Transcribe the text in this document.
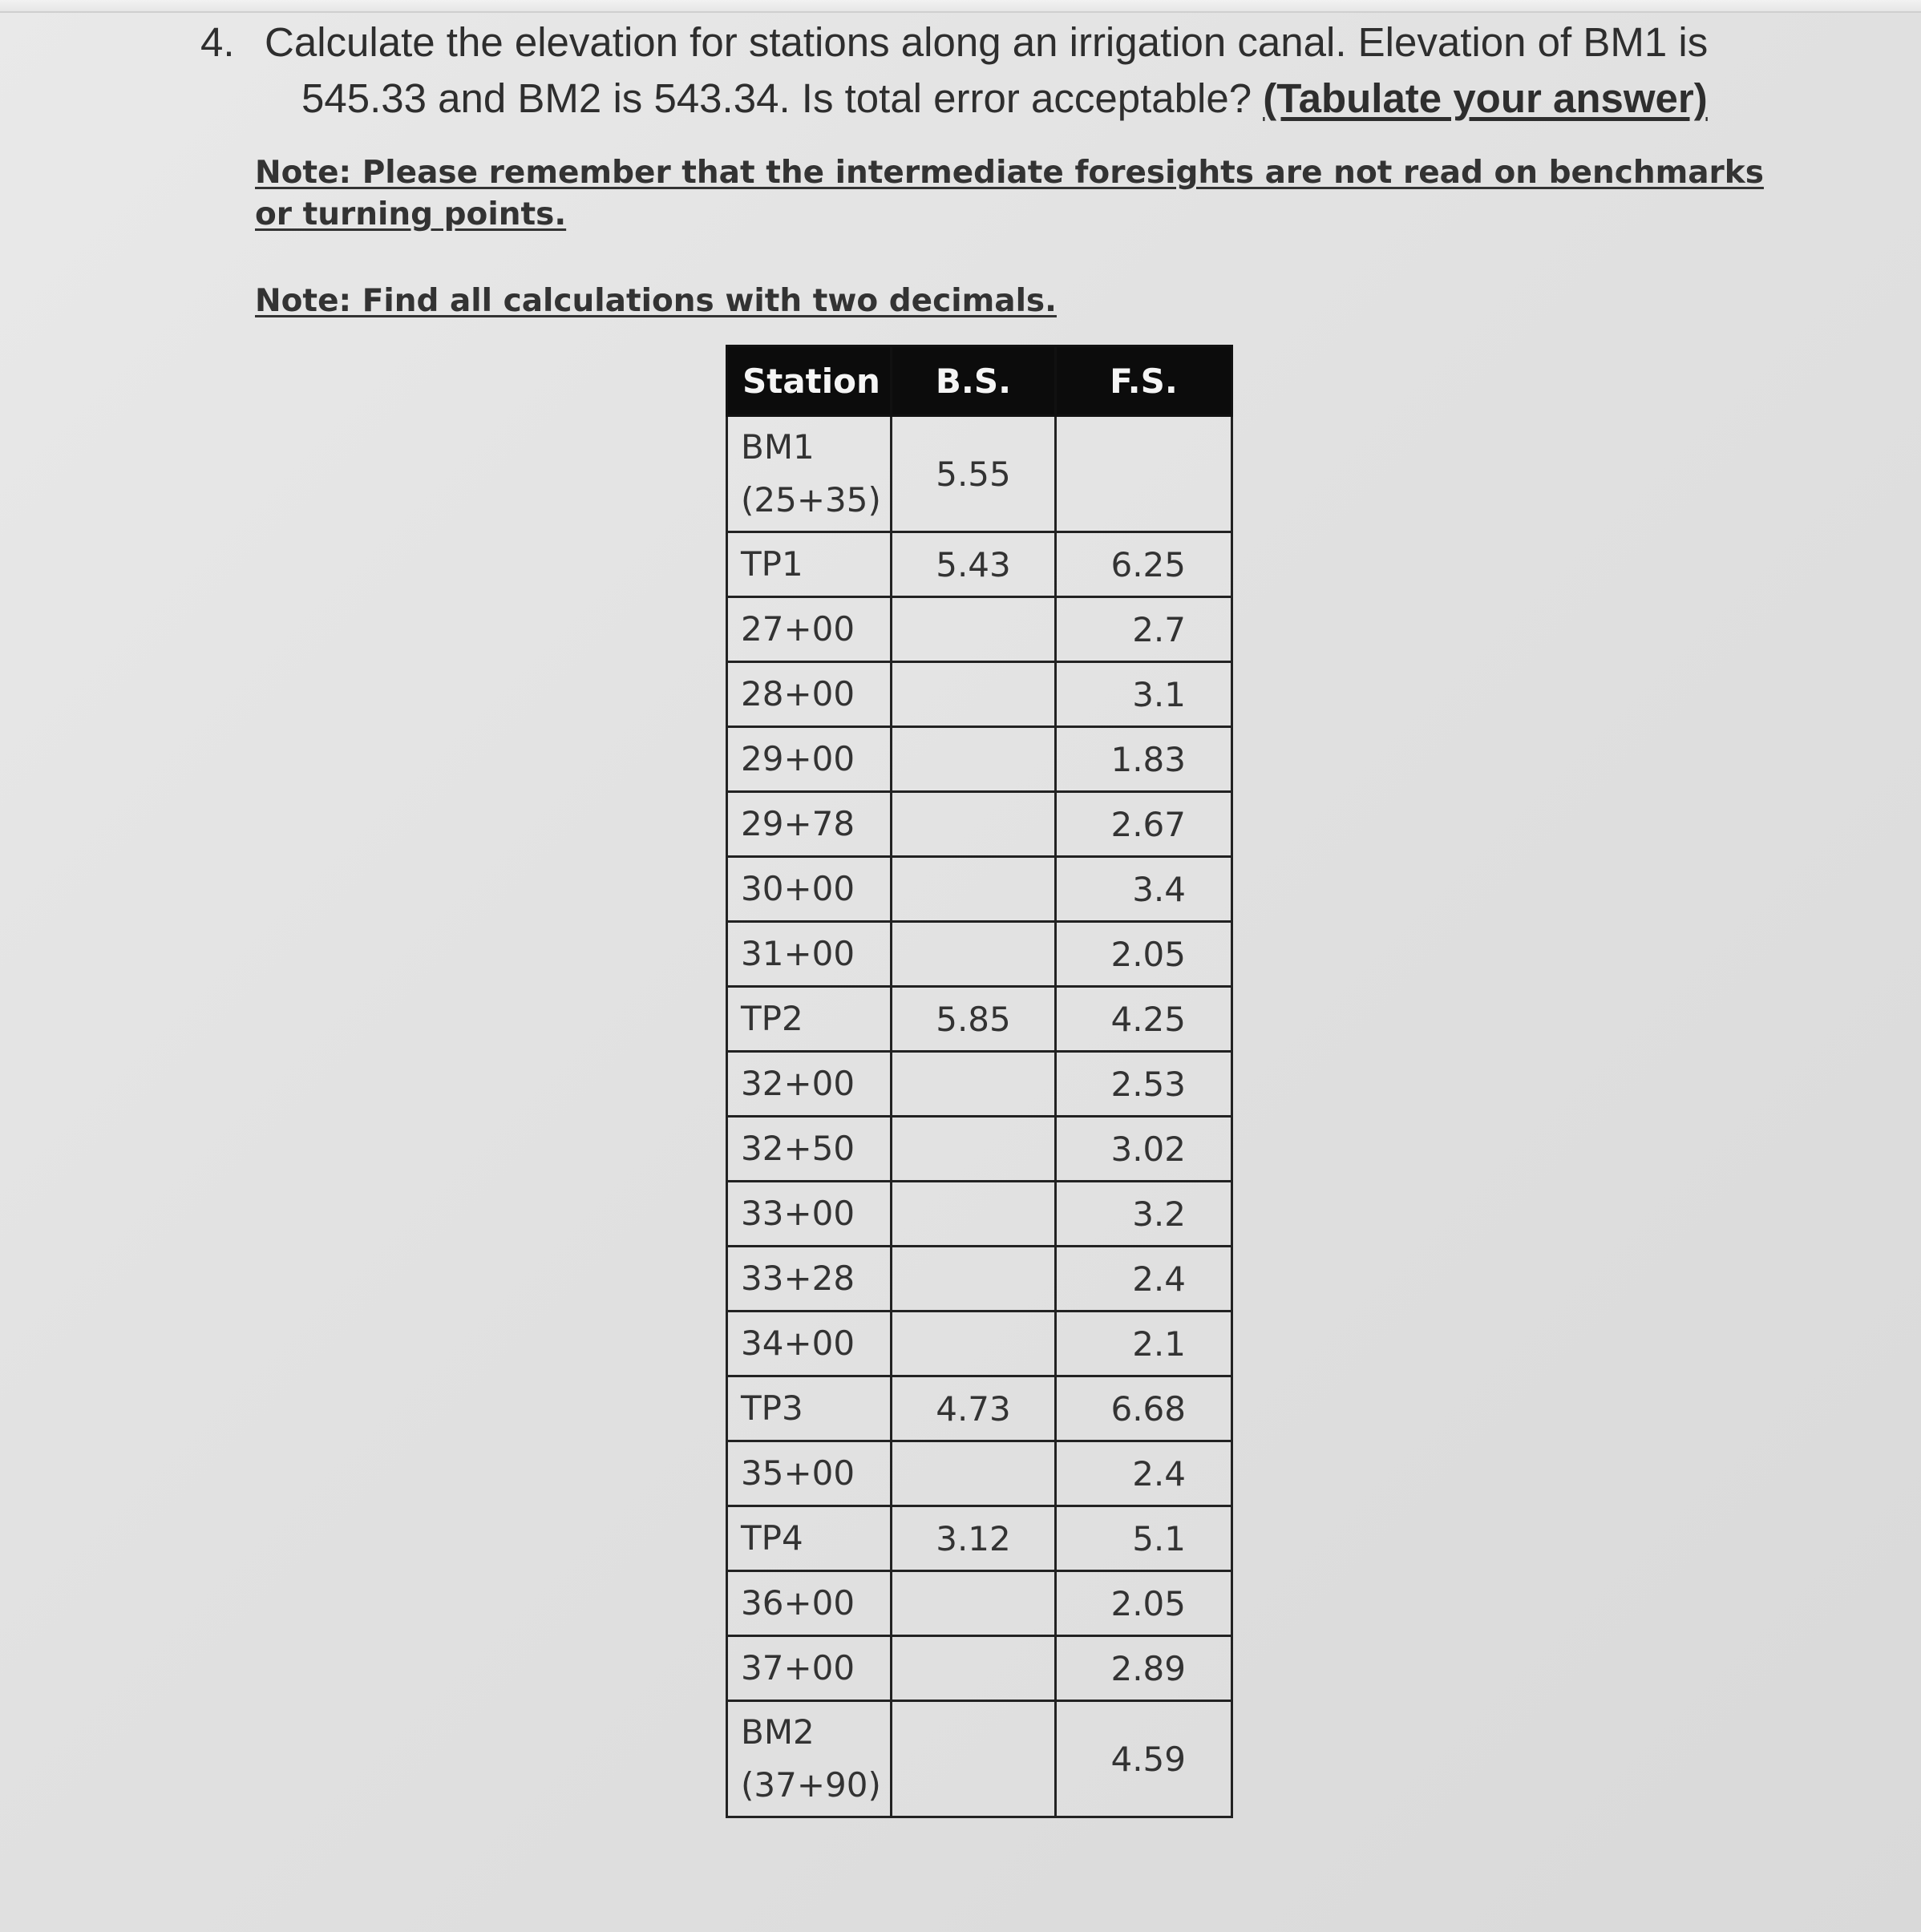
4. Calculate the elevation for stations along an irrigation canal. Elevation of BM1 is
545.33 and BM2 is 543.34. Is total error acceptable? (Tabulate your answer)
Note: Please remember that the intermediate foresights are not read on benchmarks or turning points.
Note: Find all calculations with two decimals.
Station	B.S.	F.S.
BM1
(25+35)	5.55	
TP1	5.43	6.25
27+00		2.7
28+00		3.1
29+00		1.83
29+78		2.67
30+00		3.4
31+00		2.05
TP2	5.85	4.25
32+00		2.53
32+50		3.02
33+00		3.2
33+28		2.4
34+00		2.1
TP3	4.73	6.68
35+00		2.4
TP4	3.12	5.1
36+00		2.05
37+00		2.89
BM2
(37+90)		4.59
